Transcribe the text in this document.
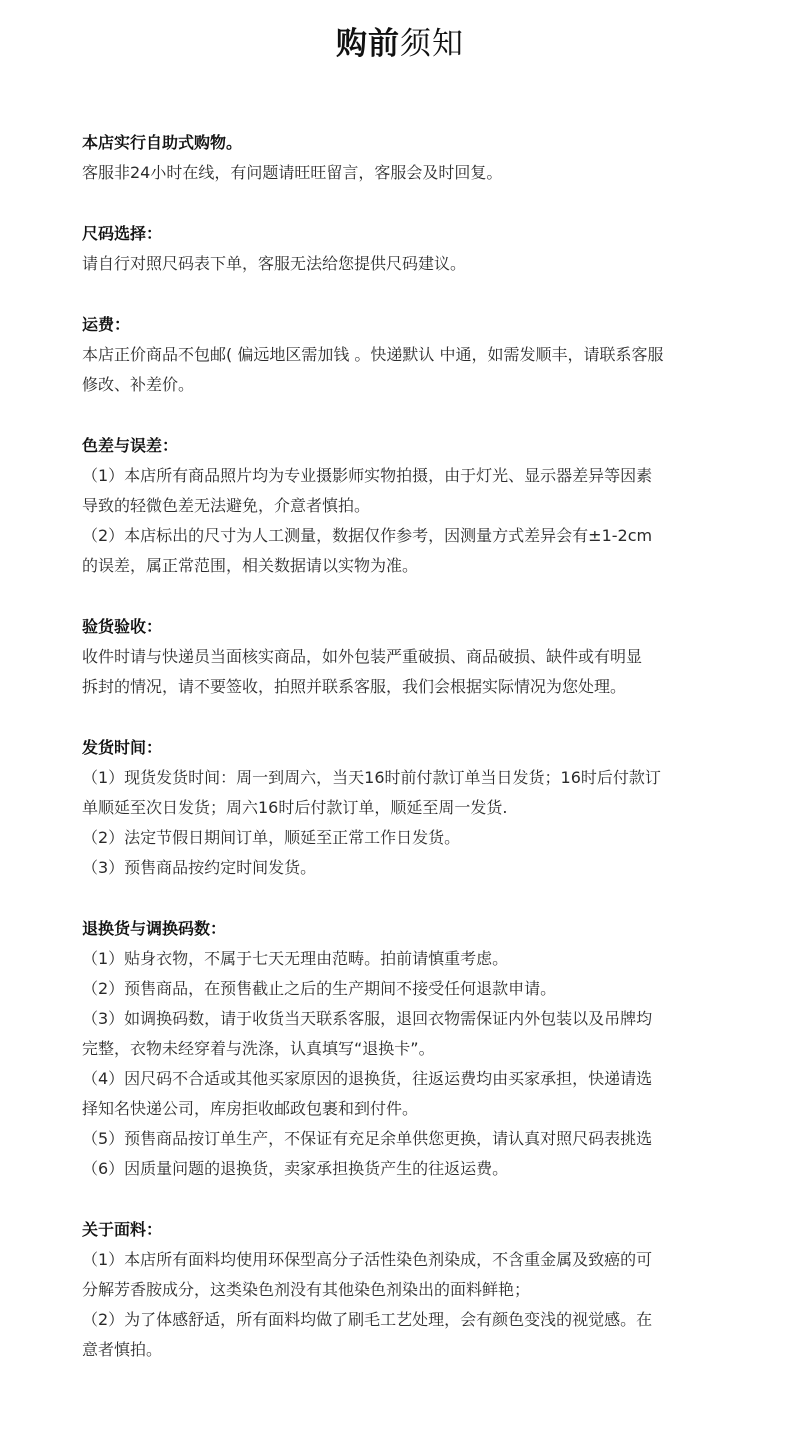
购前须知
本店实行自助式购物。
客服非24小时在线，有问题请旺旺留言，客服会及时回复。
尺码选择：
请自行对照尺码表下单，客服无法给您提供尺码建议。
运费：
本店正价商品不包邮( 偏远地区需加钱 。快递默认 中通，如需发顺丰，请联系客服
修改、补差价。
色差与误差：
（1）本店所有商品照片均为专业摄影师实物拍摄，由于灯光、显示器差异等因素
导致的轻微色差无法避免，介意者慎拍。
（2）本店标出的尺寸为人工测量，数据仅作参考，因测量方式差异会有±1-2cm
的误差，属正常范围，相关数据请以实物为准。
验货验收：
收件时请与快递员当面核实商品，如外包装严重破损、商品破损、缺件或有明显
拆封的情况，请不要签收，拍照并联系客服，我们会根据实际情况为您处理。
发货时间：
（1）现货发货时间：周一到周六，当天16时前付款订单当日发货；16时后付款订
单顺延至次日发货；周六16时后付款订单，顺延至周一发货.
（2）法定节假日期间订单，顺延至正常工作日发货。
（3）预售商品按约定时间发货。
退换货与调换码数：
（1）贴身衣物，不属于七天无理由范畴。拍前请慎重考虑。
（2）预售商品，在预售截止之后的生产期间不接受任何退款申请。
（3）如调换码数，请于收货当天联系客服，退回衣物需保证内外包装以及吊牌均
完整，衣物未经穿着与洗涤，认真填写“退换卡”。
（4）因尺码不合适或其他买家原因的退换货，往返运费均由买家承担，快递请选
择知名快递公司，库房拒收邮政包裹和到付件。
（5）预售商品按订单生产，不保证有充足余单供您更换，请认真对照尺码表挑选
（6）因质量问题的退换货，卖家承担换货产生的往返运费。
关于面料：
（1）本店所有面料均使用环保型高分子活性染色剂染成，不含重金属及致癌的可
分解芳香胺成分，这类染色剂没有其他染色剂染出的面料鲜艳；
（2）为了体感舒适，所有面料均做了刷毛工艺处理，会有颜色变浅的视觉感。在
意者慎拍。
